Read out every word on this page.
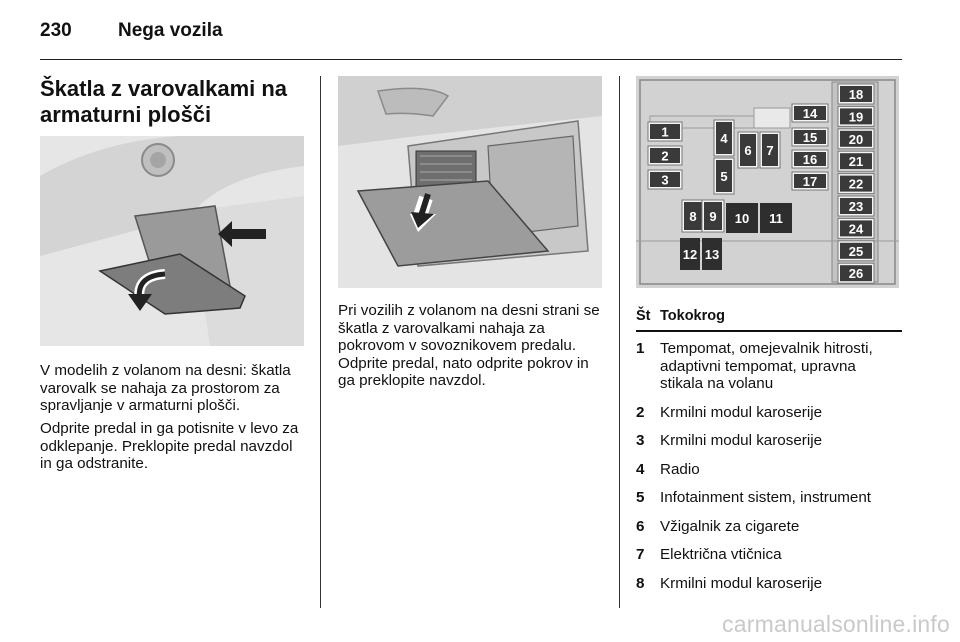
230 Nega vozila
Škatla z varovalkami na
armaturni plošči
V modelih z volanom na desni: škatla varovalk se nahaja za prostorom za spravljanje v armaturni plošči.
Odprite predal in ga potisnite v levo za odklepanje. Preklopite predal navzdol in ga odstranite.
Pri vozilih z volanom na desni strani se škatla z varovalkami nahaja za pokrovom v sovoznikovem predalu. Odprite predal, nato odprite pokrov in ga preklopite navzdol.
1
2
3
4
5
6 7
8 9 10 11
12 13
14
15
16
17
18
19
20
21
22
23
24
25
26
Št Tokokrog
1	Tempomat, omejevalnik hitrosti, adaptivni tempomat, upravna stikala na volanu
2	Krmilni modul karoserije
3	Krmilni modul karoserije
4	Radio
5	Infotainment sistem, instrument
6	Vžigalnik za cigarete
7	Električna vtičnica
8	Krmilni modul karoserije
carmanualsonline.info
